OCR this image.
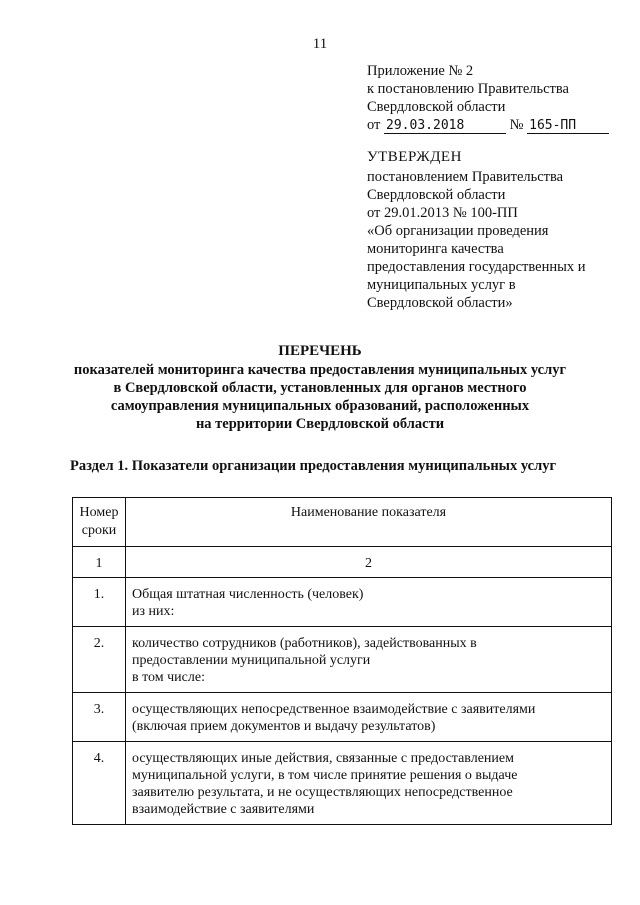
11
Приложение № 2
к постановлению Правительства
Свердловской области
от 29.03.2018	№ 165-ПП
УТВЕРЖДЕН
постановлением Правительства
Свердловской области
от 29.01.2013 № 100-ПП
«Об организации проведения
мониторинга качества
предоставления государственных и
муниципальных услуг в
Свердловской области»
ПЕРЕЧЕНЬ
показателей мониторинга качества предоставления муниципальных услуг
в Свердловской области, установленных для органов местного
самоуправления муниципальных образований, расположенных
на территории Свердловской области
Раздел 1. Показатели организации предоставления муниципальных услуг
Номер
сроки	Наименование показателя
1	2
1.	Общая штатная численность (человек)
из них:

2.	количество сотрудников (работников), задействованных в
предоставлении муниципальной услуги
в том числе:

3.	осуществляющих непосредственное взаимодействие с заявителями
(включая прием документов и выдачу результатов)

4.	осуществляющих иные действия, связанные с предоставлением
муниципальной услуги, в том числе принятие решения о выдаче
заявителю результата, и не осуществляющих непосредственное
взаимодействие с заявителями
